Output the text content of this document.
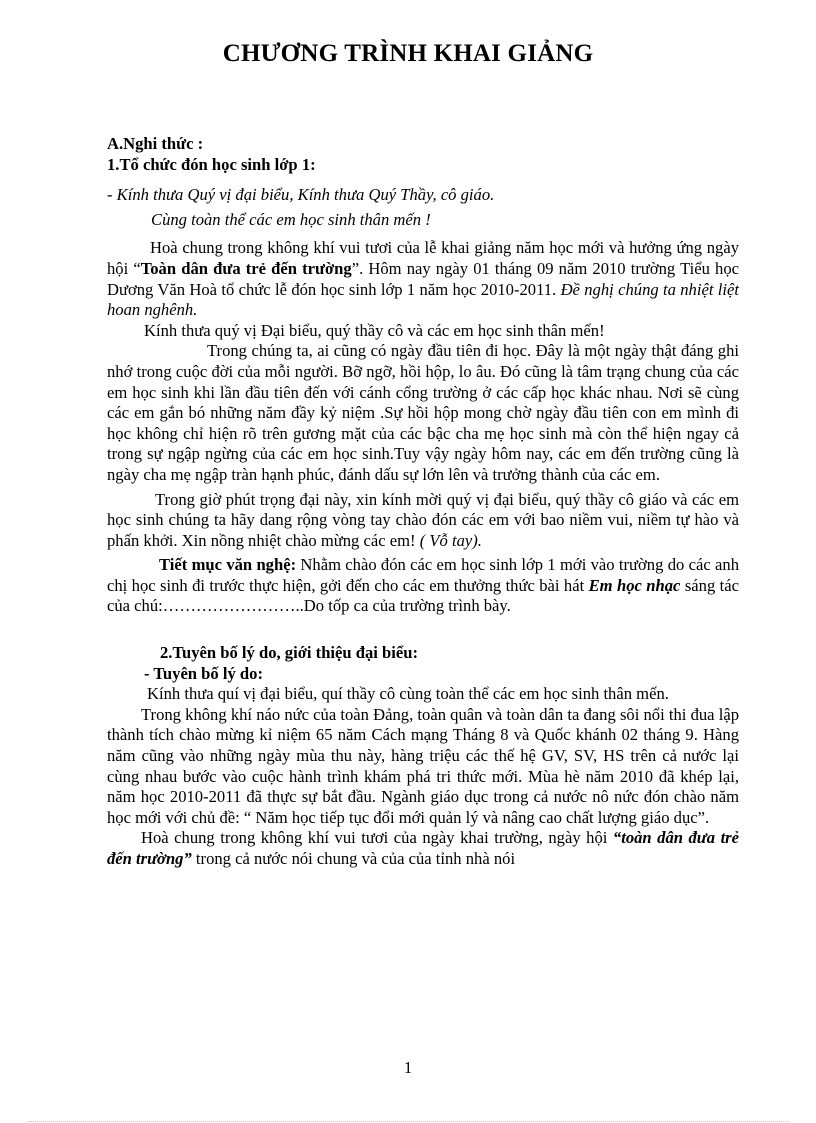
CHƯƠNG TRÌNH KHAI GIẢNG

A.Nghi thức :

1.Tổ chức đón học sinh lớp 1:

- Kính thưa Quý vị đại biểu, Kính thưa Quý Thầy, cô giáo.

Cùng toàn thể các em học sinh thân mến !

Hoà chung trong không khí vui tươi của lễ khai giảng năm học mới và hưởng ứng ngày hội “Toàn dân đưa trẻ đến trường”. Hôm nay ngày 01 tháng 09 năm 2010 trường Tiểu học Dương Văn Hoà tổ chức lễ đón học sinh lớp 1 năm học 2010-2011. Đề nghị chúng ta nhiệt liệt hoan nghênh.

Kính thưa quý vị Đại biểu, quý thầy cô và các em học sinh thân mến!

Trong chúng ta, ai cũng có ngày đầu tiên đi học. Đây là một ngày thật đáng ghi nhớ trong cuộc đời của mỗi người. Bỡ ngỡ, hồi hộp, lo âu. Đó cũng là tâm trạng chung của các em học sinh khi lần đầu tiên đến với cánh cổng trường ở các cấp học khác nhau. Nơi sẽ cùng các em gắn bó những năm đầy kỷ niệm .Sự hồi hộp mong chờ ngày đầu tiên con em mình đi học không chỉ hiện rõ trên gương mặt của các bậc cha mẹ học sinh mà còn thể hiện ngay cả trong sự ngập ngừng của các em học sinh.Tuy vậy ngày hôm nay, các em đến trường cũng là ngày cha mẹ ngập tràn hạnh phúc, đánh dấu sự lớn lên và trưởng thành của các em.

Trong giờ phút trọng đại này, xin kính mời quý vị đại biểu, quý thầy cô giáo và các em học sinh chúng ta hãy dang rộng vòng tay chào đón các em với bao niềm vui, niềm tự hào và phấn khởi. Xin nồng nhiệt chào mừng các em! ( Vỗ tay).

Tiết mục văn nghệ: Nhằm chào đón các em học sinh lớp 1 mới vào trường do các anh chị học sinh đi trước thực hiện, gởi đến cho các em thưởng thức bài hát Em học nhạc sáng tác của chú:……………………..Do tốp ca của trường trình bày.

2.Tuyên bố lý do, giới thiệu đại biểu:

- Tuyên bố lý do:

Kính thưa quí vị đại biểu, quí thầy cô cùng toàn thể các em học sinh thân mến.

Trong không khí náo nức của toàn Đảng, toàn quân và toàn dân ta đang sôi nổi thi đua lập thành tích chào mừng kỉ niệm 65 năm Cách mạng Tháng 8 và Quốc khánh 02 tháng 9. Hàng năm cũng vào những ngày mùa thu này, hàng triệu các thế hệ GV, SV, HS trên cả nước lại cùng nhau bước vào cuộc hành trình khám phá tri thức mới. Mùa hè năm 2010 đã khép lại, năm học 2010-2011 đã thực sự bắt đầu. Ngành giáo dục trong cả nước nô nức đón chào năm học mới với chủ đề: “ Năm học tiếp tục đổi mới quản lý và nâng cao chất lượng giáo dục”.

Hoà chung trong không khí vui tươi của ngày khai trường, ngày hội “toàn dân đưa trẻ đến trường” trong cả nước nói chung và của của tỉnh nhà nói

1
